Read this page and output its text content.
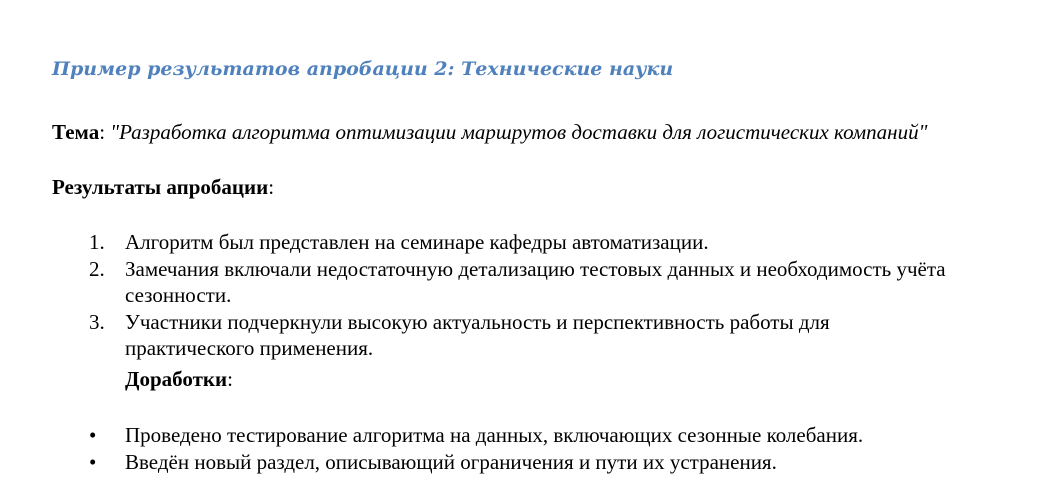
Пример результатов апробации 2: Технические науки
Тема: "Разработка алгоритма оптимизации маршрутов доставки для логистических компаний"
Результаты апробации:
1. Алгоритм был представлен на семинаре кафедры автоматизации.
2. Замечания включали недостаточную детализацию тестовых данных и необходимость учёта сезонности.
3. Участники подчеркнули высокую актуальность и перспективность работы для практического применения.
Доработки:
• Проведено тестирование алгоритма на данных, включающих сезонные колебания.
• Введён новый раздел, описывающий ограничения и пути их устранения.
